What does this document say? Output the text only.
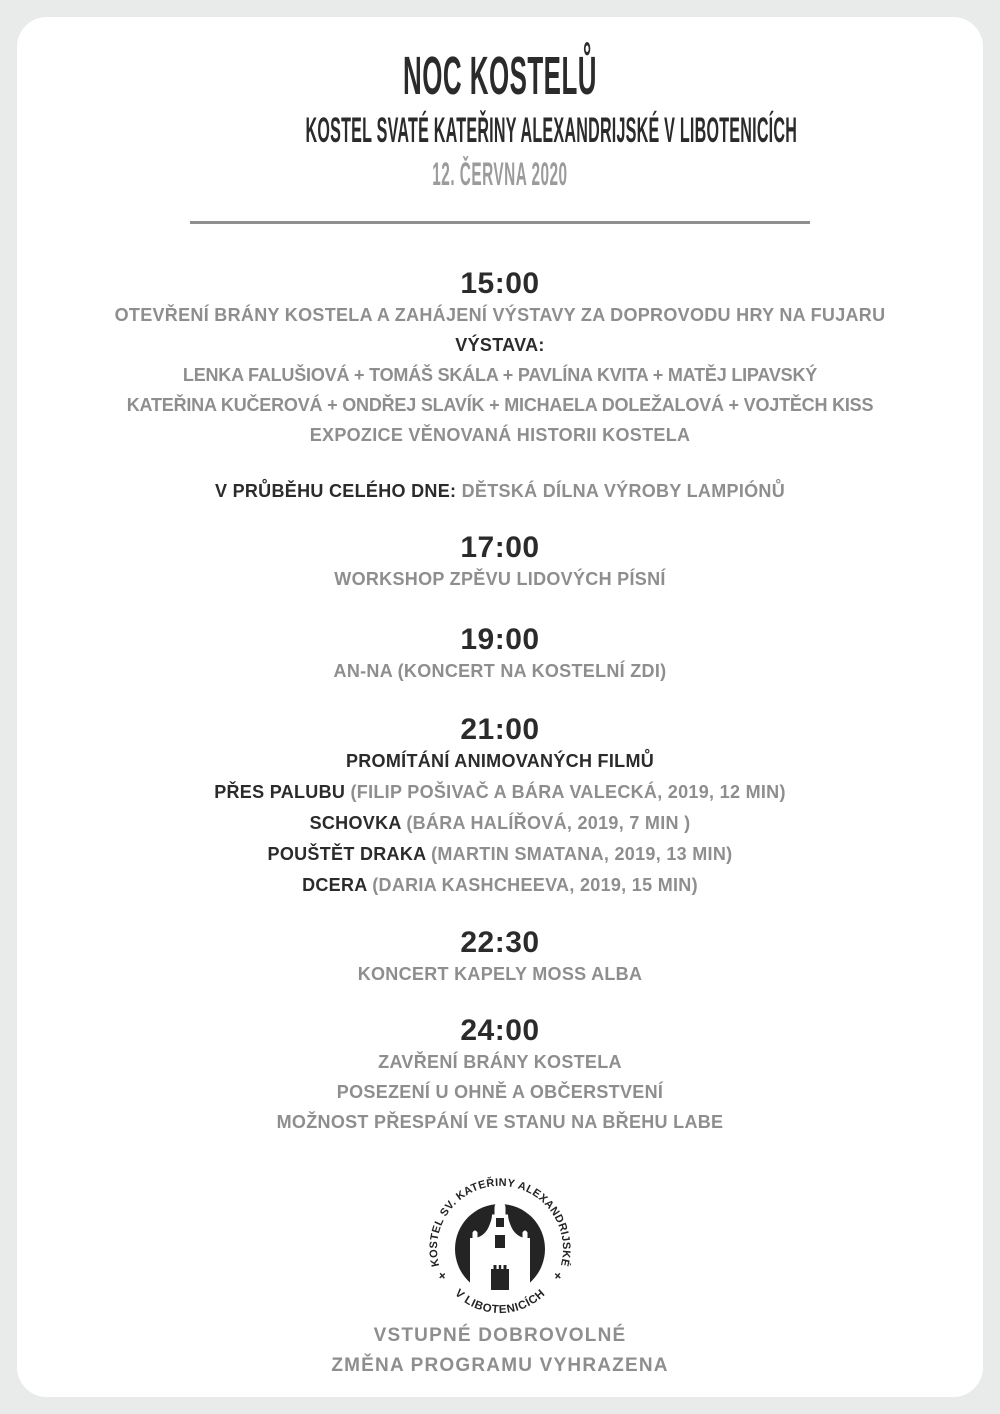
NOC KOSTELŮ
KOSTEL SVATÉ KATEŘINY ALEXANDRIJSKÉ V LIBOTENICÍCH
12. ČERVNA 2020
15:00
OTEVŘENÍ BRÁNY KOSTELA A ZAHÁJENÍ VÝSTAVY ZA DOPROVODU HRY NA FUJARU
VÝSTAVA:
LENKA FALUŠIOVÁ + TOMÁŠ SKÁLA + PAVLÍNA KVITA + MATĚJ LIPAVSKÝ
KATEŘINA KUČEROVÁ + ONDŘEJ SLAVÍK + MICHAELA DOLEŽALOVÁ + VOJTĚCH KISS
EXPOZICE VĚNOVANÁ HISTORII KOSTELA
V PRŮBĚHU CELÉHO DNE: DĚTSKÁ DÍLNA VÝROBY LAMPIÓNŮ
17:00
WORKSHOP ZPĚVU LIDOVÝCH PÍSNÍ
19:00
AN-NA (KONCERT NA KOSTELNÍ ZDI)
21:00
PROMÍTÁNÍ ANIMOVANÝCH FILMŮ
PŘES PALUBU (FILIP POŠIVAČ A BÁRA VALECKÁ, 2019, 12 MIN)
SCHOVKA (BÁRA HALÍŘOVÁ, 2019, 7 MIN )
POUŠTĚT DRAKA (MARTIN SMATANA, 2019, 13 MIN)
DCERA (DARIA KASHCHEEVA, 2019, 15 MIN)
22:30
KONCERT KAPELY MOSS ALBA
24:00
ZAVŘENÍ BRÁNY KOSTELA
POSEZENÍ U OHNĚ A OBČERSTVENÍ
MOŽNOST PŘESPÁNÍ VE STANU NA BŘEHU LABE
KOSTEL SV. KATEŘINY ALEXANDRIJSKÉ
V LIBOTENICÍCH
+	+
VSTUPNÉ DOBROVOLNÉ
ZMĚNA PROGRAMU VYHRAZENA
